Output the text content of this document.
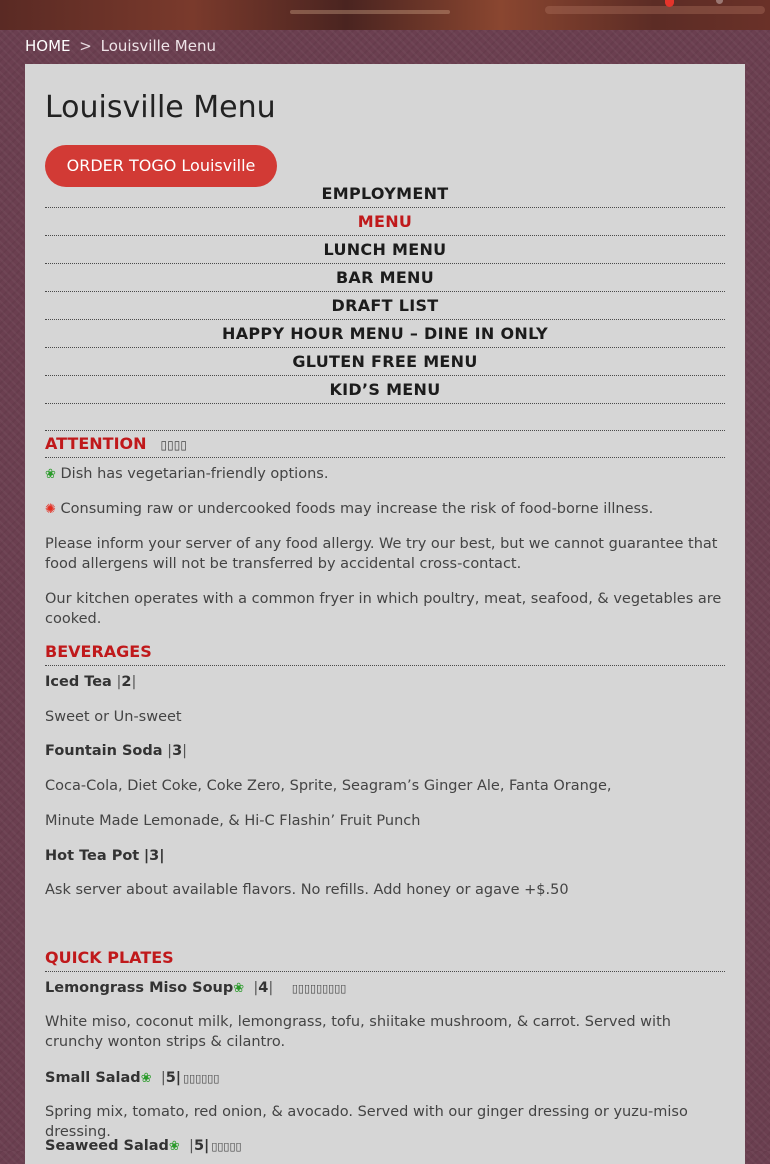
HOME > Louisville Menu
Louisville Menu
ORDER TOGO Louisville
EMPLOYMENT
MENU
LUNCH MENU
BAR MENU
DRAFT LIST
HAPPY HOUR MENU – DINE IN ONLY
GLUTEN FREE MENU
KID’S MENU
ATTENTION ▯▯▯▯
❀ Dish has vegetarian-friendly options.
✺ Consuming raw or undercooked foods may increase the risk of food-borne illness.
Please inform your server of any food allergy. We try our best, but we cannot guarantee that food allergens will not be transferred by accidental cross-contact.
Our kitchen operates with a common fryer in which poultry, meat, seafood, & vegetables are cooked.
BEVERAGES
Iced Tea |2|
Sweet or Un-sweet
Fountain Soda |3|
Coca-Cola, Diet Coke, Coke Zero, Sprite, Seagram’s Ginger Ale, Fanta Orange,
Minute Made Lemonade, & Hi-C Flashin’ Fruit Punch
Hot Tea Pot |3|
Ask server about available flavors. No refills. Add honey or agave +$.50
QUICK PLATES
Lemongrass Miso Soup❀ |4| ▯▯▯▯▯▯▯▯▯
White miso, coconut milk, lemongrass, tofu, shiitake mushroom, & carrot. Served with crunchy wonton strips & cilantro.
Small Salad❀ |5| ▯▯▯▯▯▯
Spring mix, tomato, red onion, & avocado. Served with our ginger dressing or yuzu-miso dressing.
Seaweed Salad❀ |5| ▯▯▯▯▯
